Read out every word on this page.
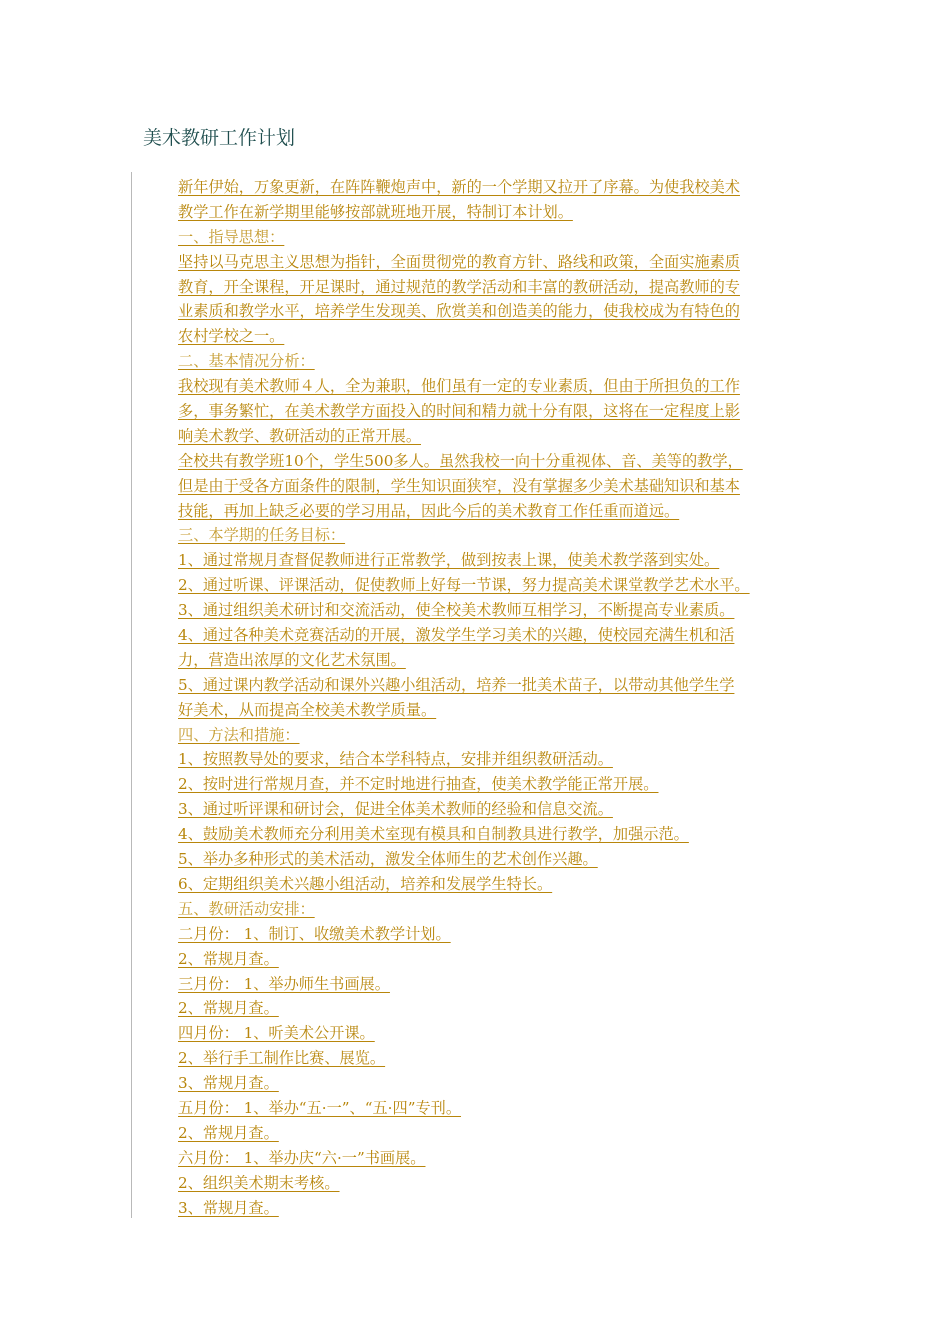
美术教研工作计划
新年伊始，万象更新，在阵阵鞭炮声中，新的一个学期又拉开了序幕。为使我校美术
教学工作在新学期里能够按部就班地开展，特制订本计划。
一、指导思想：
坚持以马克思主义思想为指针，全面贯彻党的教育方针、路线和政策，全面实施素质
教育，开全课程，开足课时，通过规范的教学活动和丰富的教研活动，提高教师的专
业素质和教学水平，培养学生发现美、欣赏美和创造美的能力，使我校成为有特色的
农村学校之一。
二、基本情况分析：
我校现有美术教师４人，全为兼职，他们虽有一定的专业素质，但由于所担负的工作
多，事务繁忙，在美术教学方面投入的时间和精力就十分有限，这将在一定程度上影
响美术教学、教研活动的正常开展。
全校共有教学班10个，学生500多人。虽然我校一向十分重视体、音、美等的教学，
但是由于受各方面条件的限制，学生知识面狭窄，没有掌握多少美术基础知识和基本
技能，再加上缺乏必要的学习用品，因此今后的美术教育工作任重而道远。
三、本学期的任务目标：
1、通过常规月查督促教师进行正常教学，做到按表上课，使美术教学落到实处。
2、通过听课、评课活动，促使教师上好每一节课，努力提高美术课堂教学艺术水平。
3、通过组织美术研讨和交流活动，使全校美术教师互相学习，不断提高专业素质。
4、通过各种美术竞赛活动的开展，激发学生学习美术的兴趣，使校园充满生机和活
力，营造出浓厚的文化艺术氛围。
5、通过课内教学活动和课外兴趣小组活动，培养一批美术苗子，以带动其他学生学
好美术，从而提高全校美术教学质量。
四、方法和措施：
1、按照教导处的要求，结合本学科特点，安排并组织教研活动。
2、按时进行常规月查，并不定时地进行抽查，使美术教学能正常开展。
3、通过听评课和研讨会，促进全体美术教师的经验和信息交流。
4、鼓励美术教师充分利用美术室现有模具和自制教具进行教学，加强示范。
5、举办多种形式的美术活动，激发全体师生的艺术创作兴趣。
6、定期组织美术兴趣小组活动，培养和发展学生特长。
五、教研活动安排：
二月份： 1、制订、收缴美术教学计划。
2、常规月查。
三月份： 1、举办师生书画展。
2、常规月查。
四月份： 1、听美术公开课。
2、举行手工制作比赛、展览。
3、常规月查。
五月份： 1、举办“五·一”、“五·四”专刊。
2、常规月查。
六月份： 1、举办庆“六·一”书画展。
2、组织美术期末考核。
3、常规月查。
